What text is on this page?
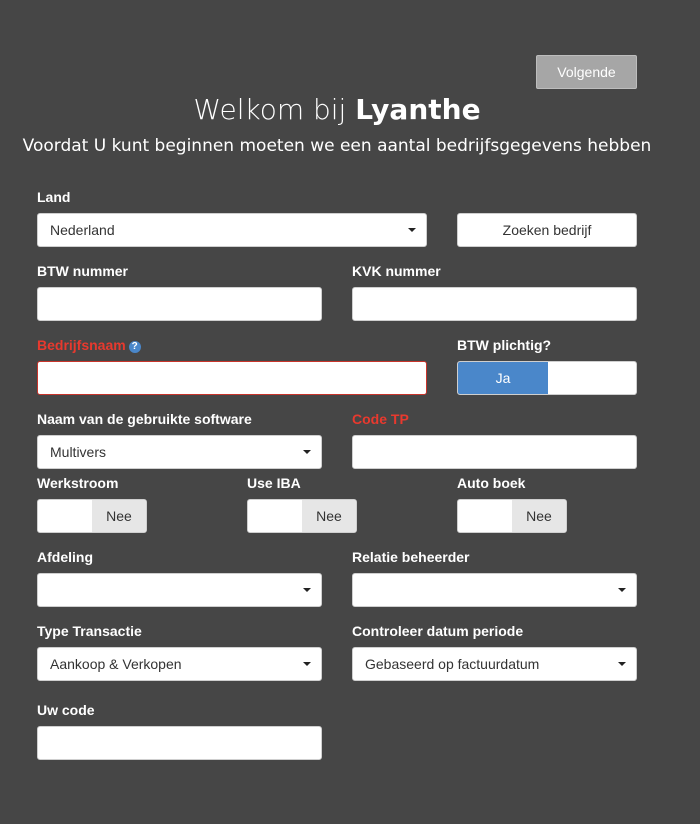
Volgende
Welkom bij Lyanthe
Voordat U kunt beginnen moeten we een aantal bedrijfsgegevens hebben
Land
Nederland	Zoeken bedrijf
BTW nummer	KVK nummer
Bedrijfsnaam ?	BTW plichtig?
Ja
Naam van de gebruikte software
Multivers
Code TP
Werkstroom
Nee
Use IBA
Nee
Auto boek
Nee
Afdeling	Relatie beheerder
Type Transactie
Aankoop & Verkopen
Controleer datum periode
Gebaseerd op factuurdatum
Uw code
